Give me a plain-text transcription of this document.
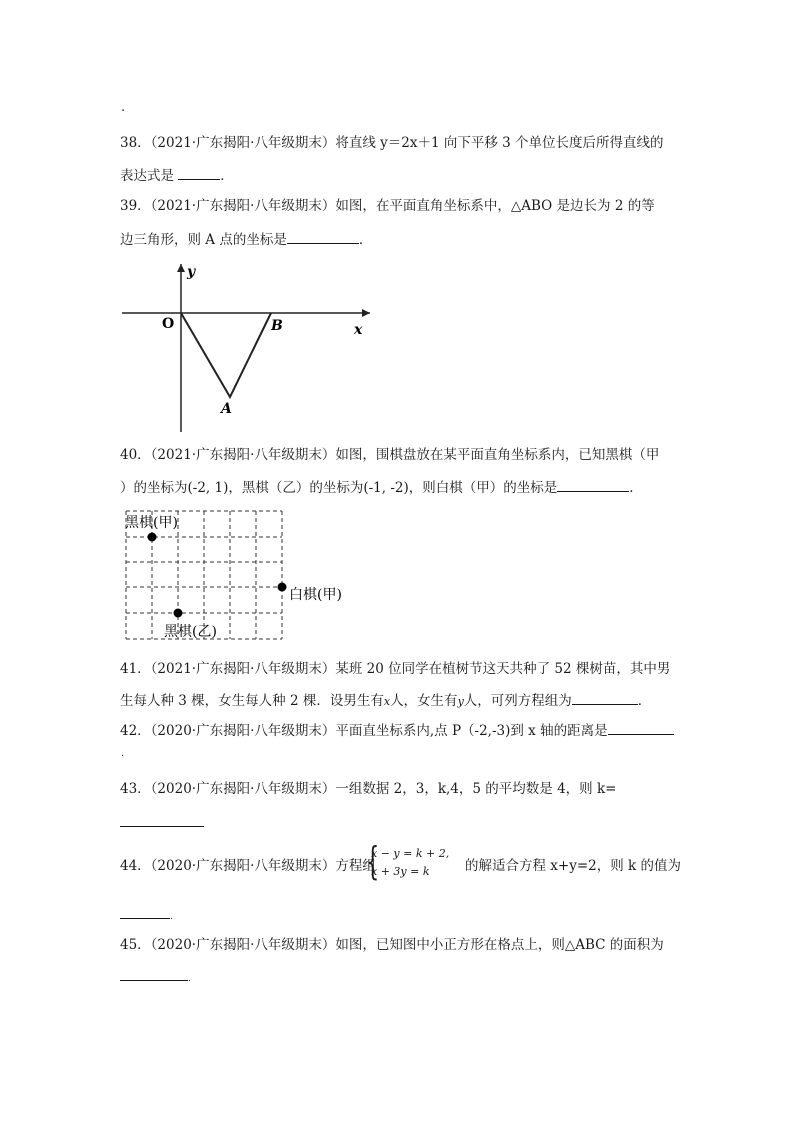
.
38．（2021·广东揭阳·八年级期末）将直线 y＝2x＋1 向下平移 3 个单位长度后所得直线的
表达式是	．
39．（2021·广东揭阳·八年级期末）如图，在平面直角坐标系中，△ABO 是边长为 2 的等
边三角形，则 A 点的坐标是	．
y
x
O	B
A
40．（2021·广东揭阳·八年级期末）如图，围棋盘放在某平面直角坐标系内，已知黑棋（甲
）的坐标为(-2, 1)，黑棋（乙）的坐标为(-1, -2)，则白棋（甲）的坐标是	．
黑棋(甲)
黑棋(乙)
白棋(甲)
41．（2021·广东揭阳·八年级期末）某班 20 位同学在植树节这天共种了 52 棵树苗，其中男
生每人种 3 棵，女生每人种 2 棵．设男生有x人，女生有y人，可列方程组为	．
42．（2020·广东揭阳·八年级期末）平面直坐标系内,点 P（-2,-3)到 x 轴的距离是
.
43．（2020·广东揭阳·八年级期末）一组数据 2，3，k,4，5 的平均数是 4，则 k=
44．（2020·广东揭阳·八年级期末）方程组
{
x − y = k + 2,
x + 3y = k	的解适合方程 x+y=2，则 k 的值为
.
45．（2020·广东揭阳·八年级期末）如图，已知图中小正方形在格点上，则△ABC 的面积为
.
